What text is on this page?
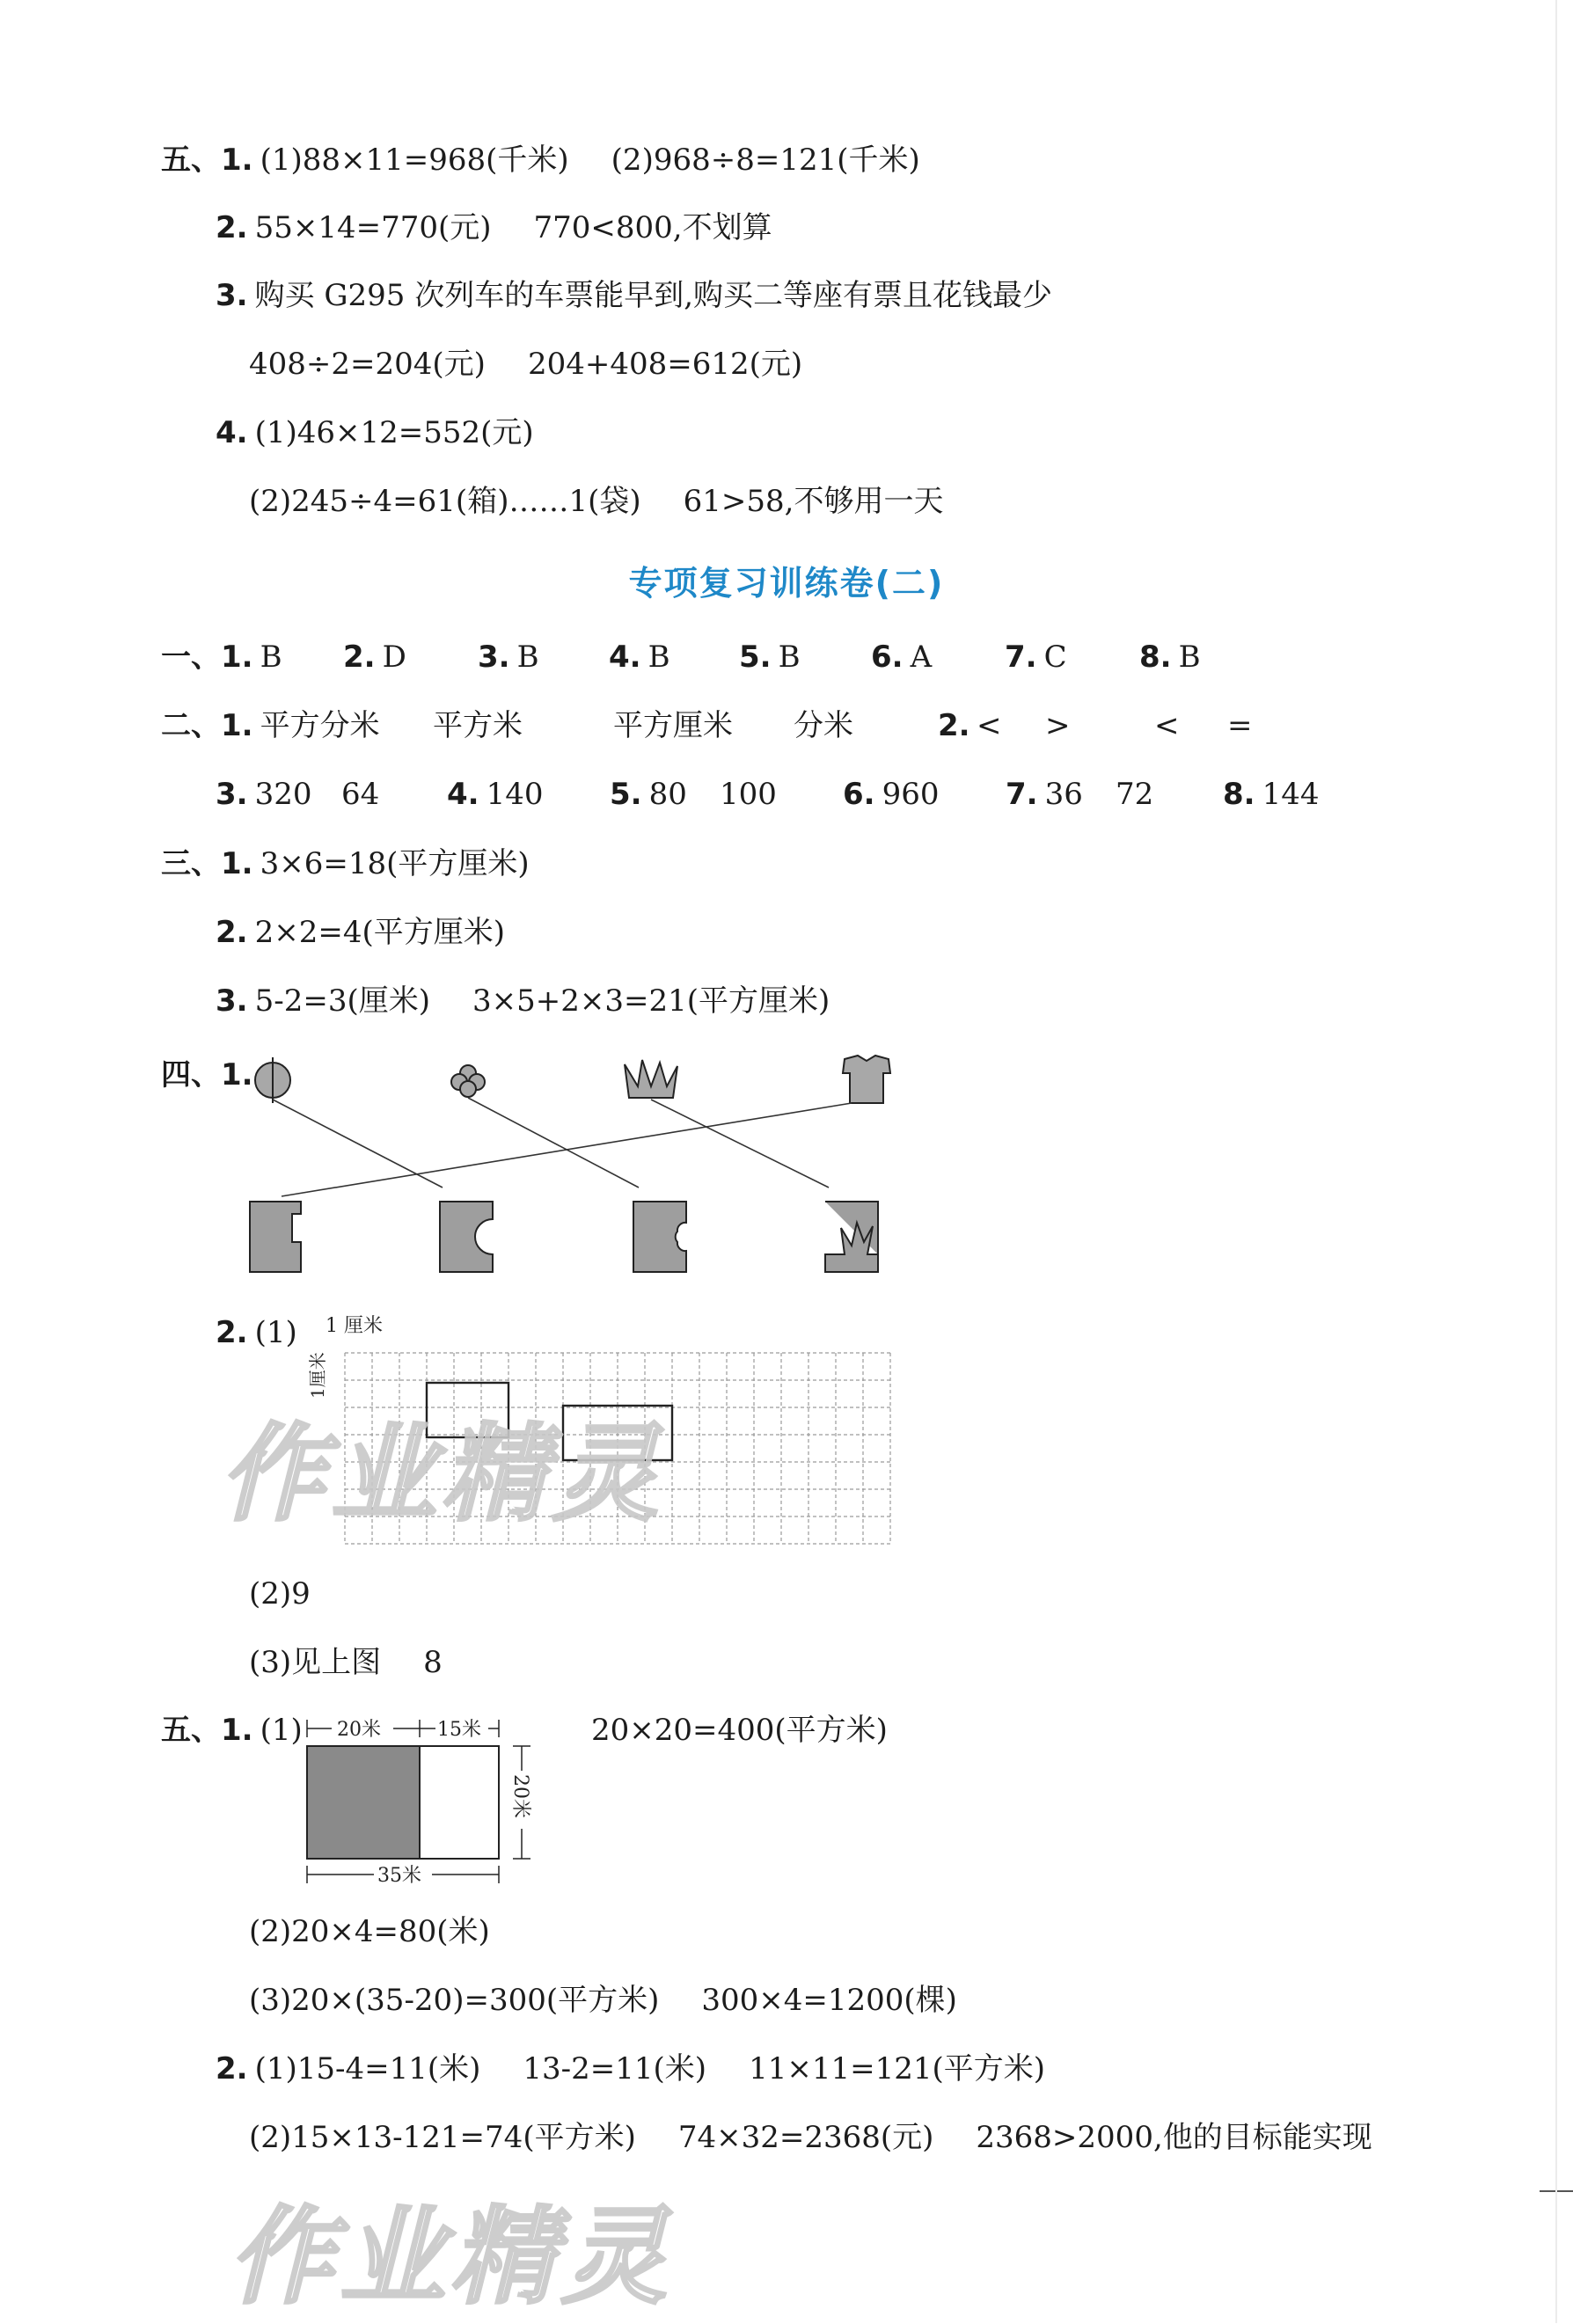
五、 1. (1)88×11=968(千米) (2)968÷8=121(千米)
2. 55×14=770(元) 770<800,不划算
3. 购买 G295 次列车的车票能早到,购买二等座有票且花钱最少
408÷2=204(元) 204+408=612(元)
4. (1)46×12=552(元)
(2)245÷4=61(箱)……1(袋) 61>58,不够用一天
专项复习训练卷(二)
一、1. B 2. D 3. B 4. B 5. B 6. A 7. C 8. B
二、1. 平方分米 平方米	平方厘米 分米	2. < >	< =
3. 320 64 4. 140 5. 80 100 6. 960 7. 36 72 8. 144
三、 1. 3×6=18(平方厘米)
2. 2×2=4(平方厘米)
3. 5-2=3(厘米) 3×5+2×3=21(平方厘米)
四、 1.
2. (1) 1 厘米
1厘米
(2)9
(3)见上图 8
五、 1. (1)	20×20=400(平方米)
20米	15米
20米
35米
(2)20×4=80(米)
(3)20×(35-20)=300(平方米) 300×4=1200(棵)
2. (1)15-4=11(米) 13-2=11(米) 11×11=121(平方米)
(2)15×13-121=74(平方米) 74×32=2368(元) 2368>2000,他的目标能实现
作业精灵
作业精灵
